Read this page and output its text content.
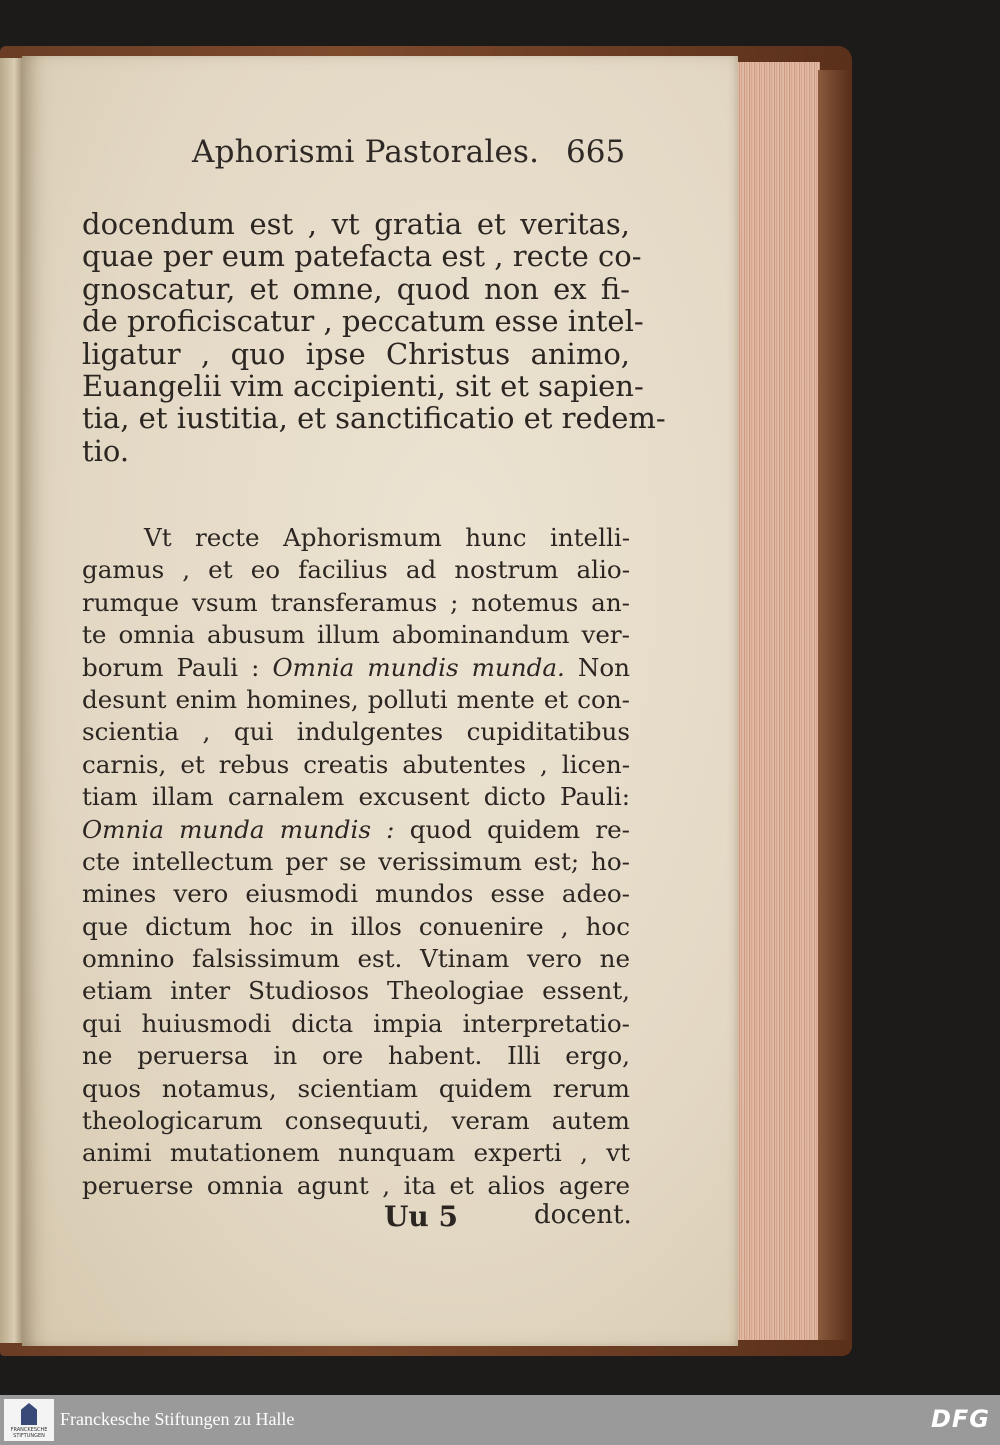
Aphorismi Pastorales. 665
docendum est , vt gratia et veritas,
quae per eum patefacta est , recte co-
gnoscatur, et omne, quod non ex fi-
de proficiscatur , peccatum esse intel-
ligatur , quo ipse Christus animo,
Euangelii vim accipienti, sit et sapien-
tia, et iustitia, et sanctificatio et redem-
tio.
Vt recte Aphorismum hunc intelli-
gamus , et eo facilius ad nostrum alio-
rumque vsum transferamus ; notemus an-
te omnia abusum illum abominandum ver-
borum Pauli : Omnia mundis munda. Non
desunt enim homines, polluti mente et con-
scientia , qui indulgentes cupiditatibus
carnis, et rebus creatis abutentes , licen-
tiam illam carnalem excusent dicto Pauli:
Omnia munda mundis : quod quidem re-
cte intellectum per se verissimum est; ho-
mines vero eiusmodi mundos esse adeo-
que dictum hoc in illos conuenire , hoc
omnino falsissimum est. Vtinam vero ne
etiam inter Studiosos Theologiae essent,
qui huiusmodi dicta impia interpretatio-
ne peruersa in ore habent. Illi ergo,
quos notamus, scientiam quidem rerum
theologicarum consequuti, veram autem
animi mutationem nunquam experti , vt
peruerse omnia agunt , ita et alios agere
Uu 5	docent.
FRANCKESCHE STIFTUNGEN
Franckesche Stiftungen zu Halle	DFG
